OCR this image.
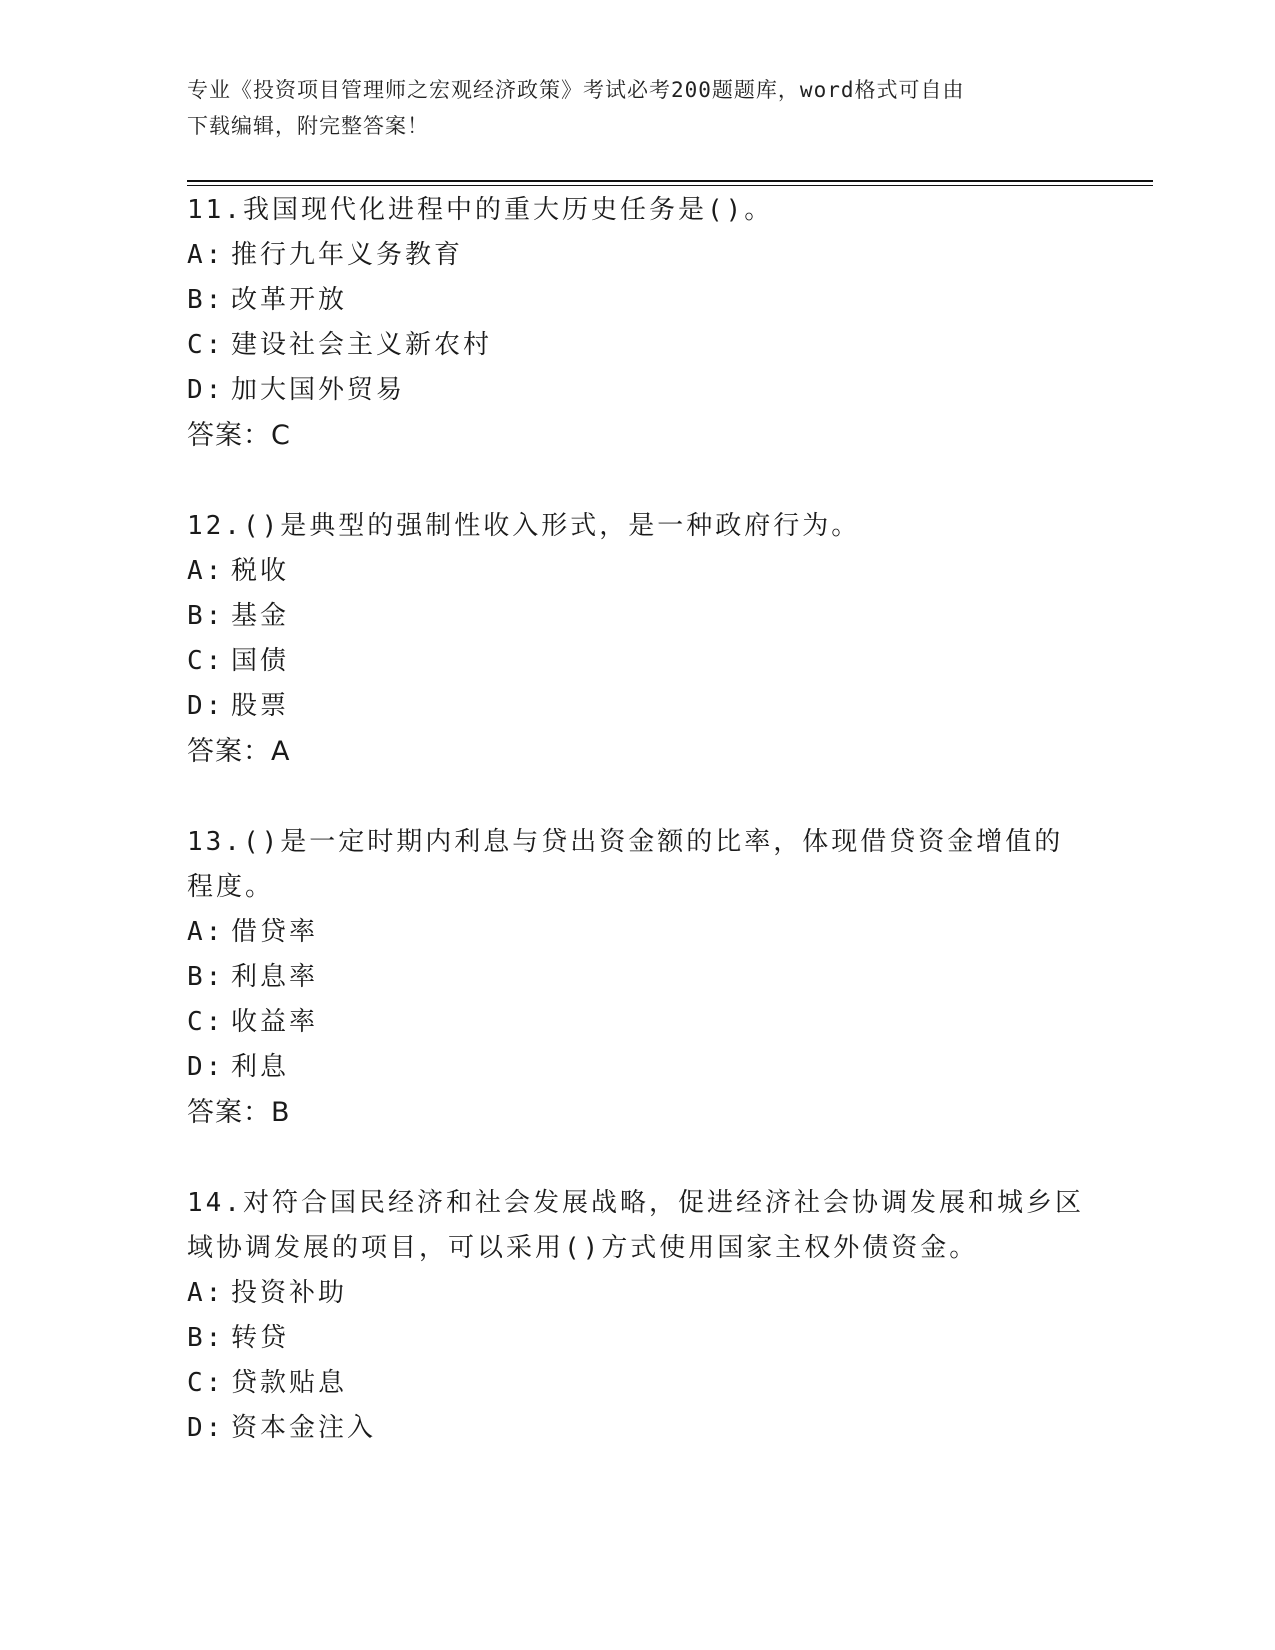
专业《投资项目管理师之宏观经济政策》考试必考200题题库，word格式可自由
下载编辑，附完整答案！

11.我国现代化进程中的重大历史任务是()。

A: 推行九年义务教育
B: 改革开放
C: 建设社会主义新农村
D: 加大国外贸易
答案：C

12.()是典型的强制性收入形式，是一种政府行为。

A: 税收
B: 基金
C: 国债
D: 股票
答案：A

13.()是一定时期内利息与贷出资金额的比率，体现借贷资金增值的程度。

A: 借贷率
B: 利息率
C: 收益率
D: 利息
答案：B

14.对符合国民经济和社会发展战略，促进经济社会协调发展和城乡区域协调发展的项目，可以采用()方式使用国家主权外债资金。

A: 投资补助
B: 转贷
C: 贷款贴息
D: 资本金注入
